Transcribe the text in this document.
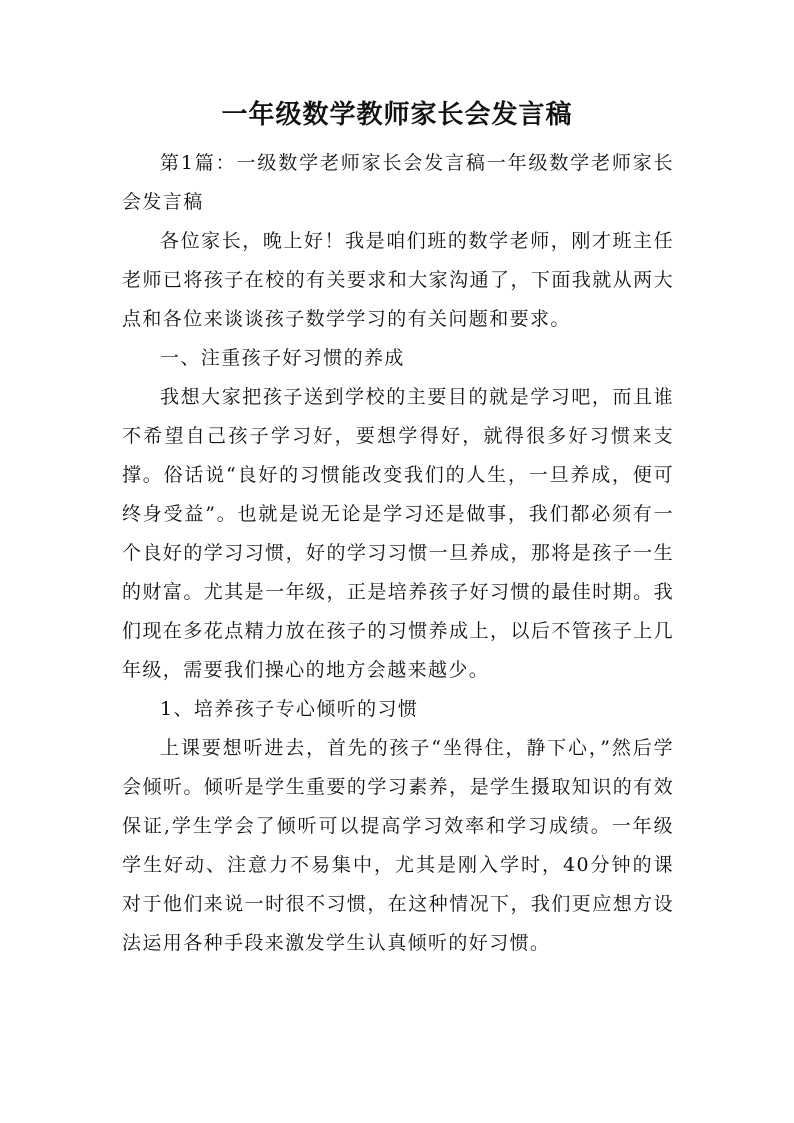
一年级数学教师家长会发言稿

第1篇：一级数学老师家长会发言稿一年级数学老师家长会发言稿

各位家长，晚上好！我是咱们班的数学老师，刚才班主任老师已将孩子在校的有关要求和大家沟通了，下面我就从两大点和各位来谈谈孩子数学学习的有关问题和要求。

一、注重孩子好习惯的养成

我想大家把孩子送到学校的主要目的就是学习吧，而且谁不希望自己孩子学习好，要想学得好，就得很多好习惯来支撑。俗话说“良好的习惯能改变我们的人生，一旦养成，便可终身受益”。也就是说无论是学习还是做事，我们都必须有一个良好的学习习惯，好的学习习惯一旦养成，那将是孩子一生的财富。尤其是一年级，正是培养孩子好习惯的最佳时期。我们现在多花点精力放在孩子的习惯养成上，以后不管孩子上几年级，需要我们操心的地方会越来越少。

1、培养孩子专心倾听的习惯

上课要想听进去，首先的孩子“坐得住，静下心，”然后学会倾听。倾听是学生重要的学习素养，是学生摄取知识的有效保证,学生学会了倾听可以提高学习效率和学习成绩。一年级学生好动、注意力不易集中，尤其是刚入学时，40分钟的课对于他们来说一时很不习惯，在这种情况下，我们更应想方设法运用各种手段来激发学生认真倾听的好习惯。
